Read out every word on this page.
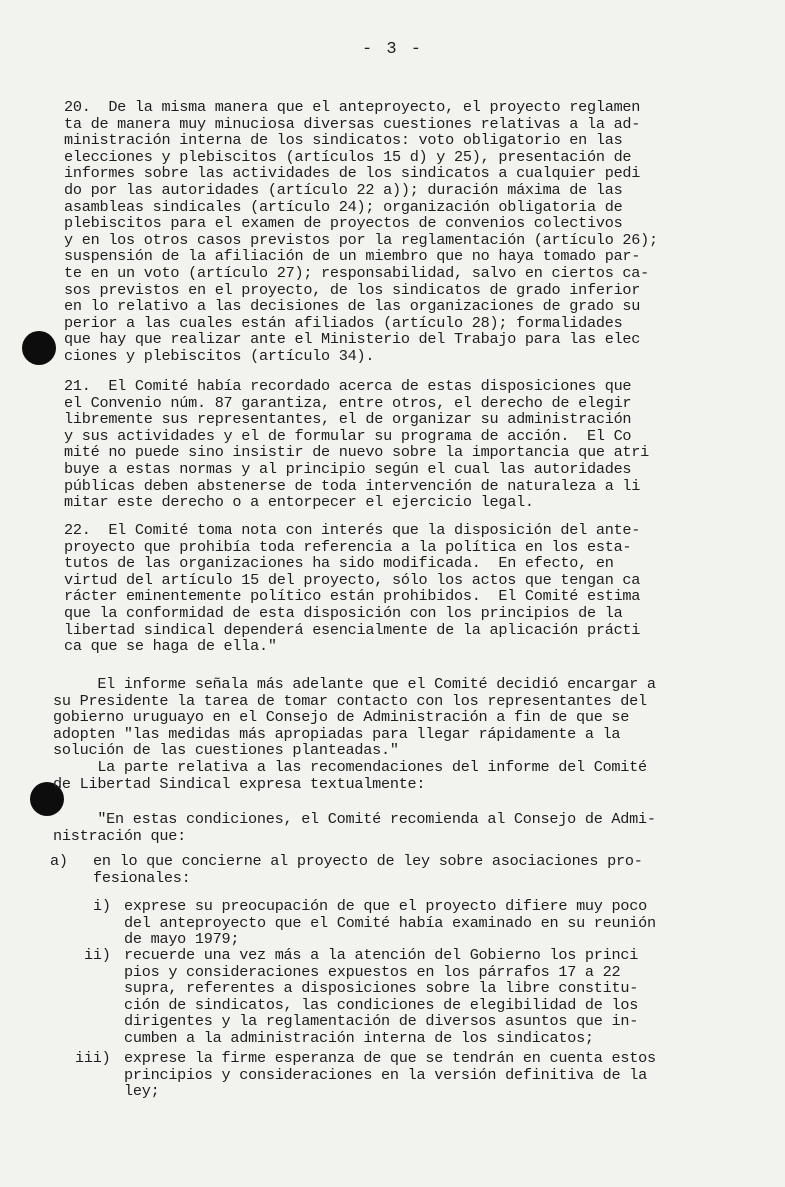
- 3 -
20.  De la misma manera que el anteproyecto, el proyecto reglamen
ta de manera muy minuciosa diversas cuestiones relativas a la ad-
ministración interna de los sindicatos: voto obligatorio en las
elecciones y plebiscitos (artículos 15 d) y 25), presentación de
informes sobre las actividades de los sindicatos a cualquier pedi
do por las autoridades (artículo 22 a)); duración máxima de las
asambleas sindicales (artículo 24); organización obligatoria de
plebiscitos para el examen de proyectos de convenios colectivos
y en los otros casos previstos por la reglamentación (artículo 26);
suspensión de la afiliación de un miembro que no haya tomado par-
te en un voto (artículo 27); responsabilidad, salvo en ciertos ca-
sos previstos en el proyecto, de los sindicatos de grado inferior
en lo relativo a las decisiones de las organizaciones de grado su
perior a las cuales están afiliados (artículo 28); formalidades
que hay que realizar ante el Ministerio del Trabajo para las elec
ciones y plebiscitos (artículo 34).
21.  El Comité había recordado acerca de estas disposiciones que
el Convenio núm. 87 garantiza, entre otros, el derecho de elegir
libremente sus representantes, el de organizar su administración
y sus actividades y el de formular su programa de acción.  El Co
mité no puede sino insistir de nuevo sobre la importancia que atri
buye a estas normas y al principio según el cual las autoridades
públicas deben abstenerse de toda intervención de naturaleza a li
mitar este derecho o a entorpecer el ejercicio legal.
22.  El Comité toma nota con interés que la disposición del ante-
proyecto que prohibía toda referencia a la política en los esta-
tutos de las organizaciones ha sido modificada.  En efecto, en
virtud del artículo 15 del proyecto, sólo los actos que tengan ca
rácter eminentemente político están prohibidos.  El Comité estima
que la conformidad de esta disposición con los principios de la
libertad sindical dependerá esencialmente de la aplicación prácti
ca que se haga de ella."
El informe señala más adelante que el Comité decidió encargar a
su Presidente la tarea de tomar contacto con los representantes del
gobierno uruguayo en el Consejo de Administración a fin de que se
adopten "las medidas más apropiadas para llegar rápidamente a la
solución de las cuestiones planteadas."
La parte relativa a las recomendaciones del informe del Comité
de Libertad Sindical expresa textualmente:
"En estas condiciones, el Comité recomienda al Consejo de Admi-
nistración que:
a) en lo que concierne al proyecto de ley sobre asociaciones pro-
fesionales:
i) exprese su preocupación de que el proyecto difiere muy poco
del anteproyecto que el Comité había examinado en su reunión
de mayo 1979;
ii) recuerde una vez más a la atención del Gobierno los princi
pios y consideraciones expuestos en los párrafos 17 a 22
supra, referentes a disposiciones sobre la libre constitu-
ción de sindicatos, las condiciones de elegibilidad de los
dirigentes y la reglamentación de diversos asuntos que in-
cumben a la administración interna de los sindicatos;
iii) exprese la firme esperanza de que se tendrán en cuenta estos
principios y consideraciones en la versión definitiva de la
ley;
